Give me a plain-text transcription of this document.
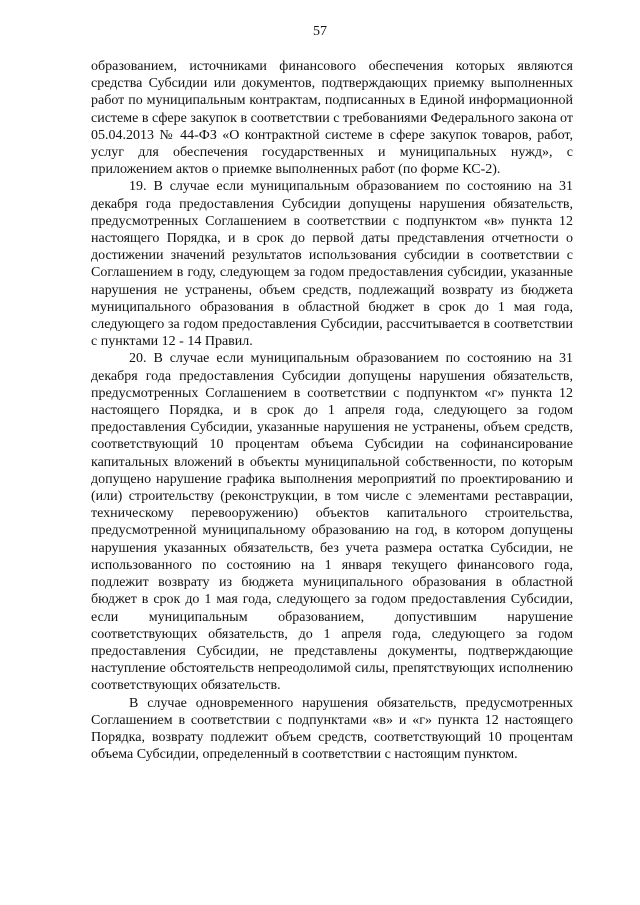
57

образованием, источниками финансового обеспечения которых являются средства Субсидии или документов, подтверждающих приемку выполненных работ по муниципальным контрактам, подписанных в Единой информационной системе в сфере закупок в соответствии с требованиями Федерального закона от 05.04.2013 № 44-ФЗ «О контрактной системе в сфере закупок товаров, работ, услуг для обеспечения государственных и муниципальных нужд», с приложением актов о приемке выполненных работ (по форме КС-2).

19. В случае если муниципальным образованием по состоянию на 31 декабря года предоставления Субсидии допущены нарушения обязательств, предусмотренных Соглашением в соответствии с подпунктом «в» пункта 12 настоящего Порядка, и в срок до первой даты представления отчетности о достижении значений результатов использования субсидии в соответствии с Соглашением в году, следующем за годом предоставления субсидии, указанные нарушения не устранены, объем средств, подлежащий возврату из бюджета муниципального образования в областной бюджет в срок до 1 мая года, следующего за годом предоставления Субсидии, рассчитывается в соответствии с пунктами 12 - 14 Правил.

20. В случае если муниципальным образованием по состоянию на 31 декабря года предоставления Субсидии допущены нарушения обязательств, предусмотренных Соглашением в соответствии с подпунктом «г» пункта 12 настоящего Порядка, и в срок до 1 апреля года, следующего за годом предоставления Субсидии, указанные нарушения не устранены, объем средств, соответствующий 10 процентам объема Субсидии на софинансирование капитальных вложений в объекты муниципальной собственности, по которым допущено нарушение графика выполнения мероприятий по проектированию и (или) строительству (реконструкции, в том числе с элементами реставрации, техническому перевооружению) объектов капитального строительства, предусмотренной муниципальному образованию на год, в котором допущены нарушения указанных обязательств, без учета размера остатка Субсидии, не использованного по состоянию на 1 января текущего финансового года, подлежит возврату из бюджета муниципального образования в областной бюджет в срок до 1 мая года, следующего за годом предоставления Субсидии, если муниципальным образованием, допустившим нарушение соответствующих обязательств, до 1 апреля года, следующего за годом предоставления Субсидии, не представлены документы, подтверждающие наступление обстоятельств непреодолимой силы, препятствующих исполнению соответствующих обязательств.

В случае одновременного нарушения обязательств, предусмотренных Соглашением в соответствии с подпунктами «в» и «г» пункта 12 настоящего Порядка, возврату подлежит объем средств, соответствующий 10 процентам объема Субсидии, определенный в соответствии с настоящим пунктом.
